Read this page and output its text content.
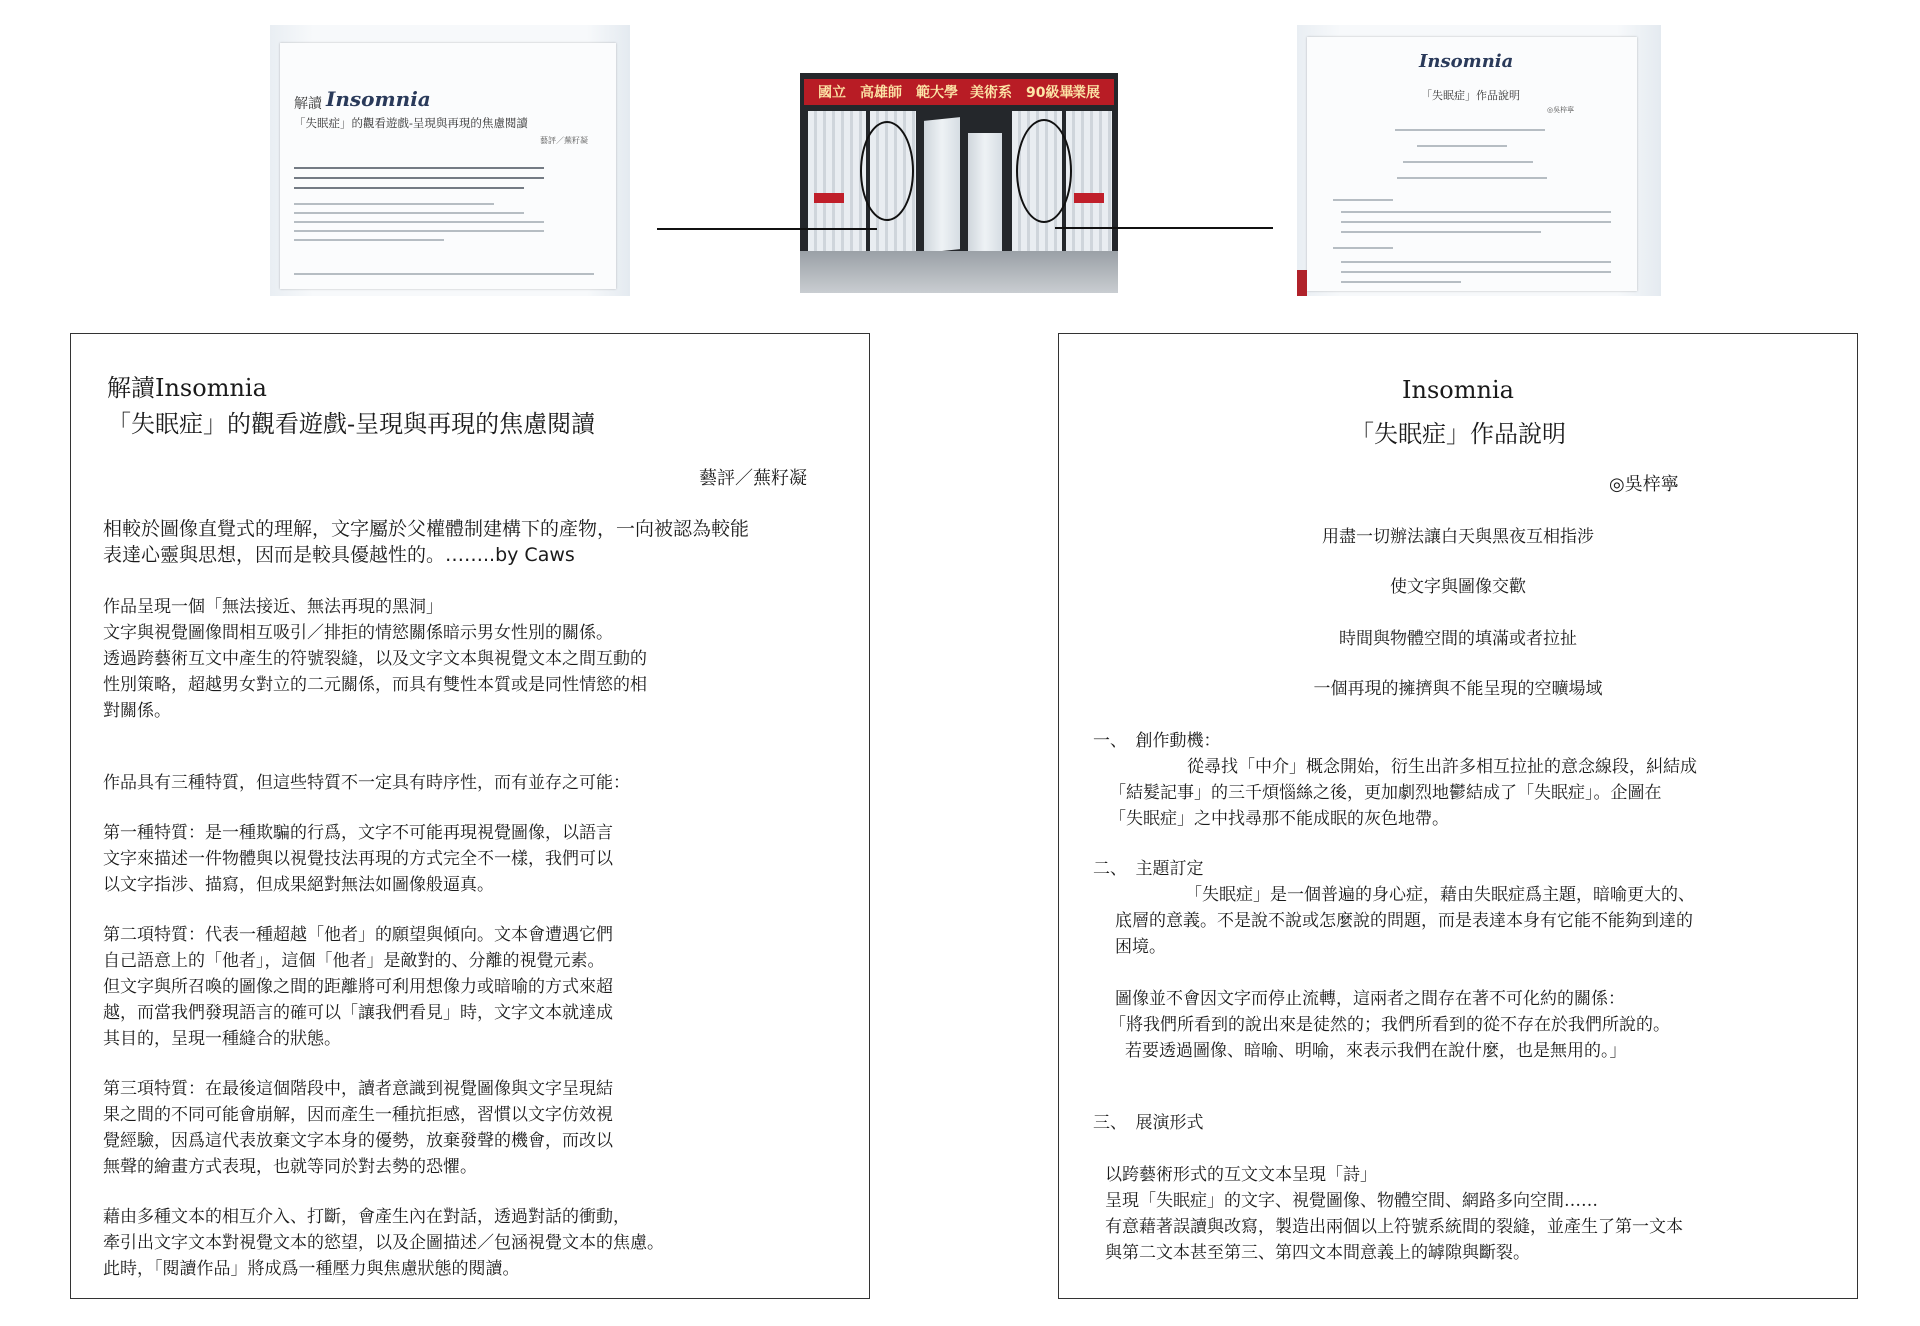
解讀 Insomnia
「失眠症」的觀看遊戲-呈現與再現的焦慮閱讀
藝評／蕪籽凝
國立 高雄師 範大學 美術系 90級畢
業展
Insomnia
「失眠症」作品說明
◎吳梓寧
解讀Insomnia
「失眠症」的觀看遊戲-呈現與再現的焦慮閱讀
藝評／蕪籽凝
相較於圖像直覺式的理解，文字屬於父權體制建構下的產物，一向被認為較能
表達心靈與思想，因而是較具優越性的。……..by Caws
作品呈現一個「無法接近、無法再現的黑洞」
文字與視覺圖像間相互吸引／排拒的情慾關係暗示男女性別的關係。
透過跨藝術互文中產生的符號裂縫，以及文字文本與視覺文本之間互動的
性別策略，超越男女對立的二元關係，而具有雙性本質或是同性情慾的相
對關係。
作品具有三種特質，但這些特質不一定具有時序性，而有並存之可能：
第一種特質：是一種欺騙的行爲，文字不可能再現視覺圖像，以語言
文字來描述一件物體與以視覺技法再現的方式完全不一樣，我們可以
以文字指涉、描寫，但成果絕對無法如圖像般逼真。
第二項特質：代表一種超越「他者」的願望與傾向。文本會遭遇它們
自己語意上的「他者」，這個「他者」是敵對的、分離的視覺元素。
但文字與所召喚的圖像之間的距離將可利用想像力或暗喻的方式來超
越，而當我們發現語言的確可以「讓我們看見」時，文字文本就達成
其目的，呈現一種縫合的狀態。
第三項特質：在最後這個階段中，讀者意識到視覺圖像與文字呈現結
果之間的不同可能會崩解，因而產生一種抗拒感，習慣以文字仿效視
覺經驗，因爲這代表放棄文字本身的優勢，放棄發聲的機會，而改以
無聲的繪畫方式表現，也就等同於對去勢的恐懼。
藉由多種文本的相互介入、打斷，會產生內在對話，透過對話的衝動，
牽引出文字文本對視覺文本的慾望，以及企圖描述／包涵視覺文本的焦慮。
此時，「閱讀作品」將成爲一種壓力與焦慮狀態的閱讀。
Insomnia
「失眠症」作品說明
◎吳梓寧
用盡一切辦法讓白天與黑夜互相指涉
使文字與圖像交歡
時間與物體空間的填滿或者拉扯
一個再現的擁擠與不能呈現的空曠場域
一、　創作動機：
從尋找「中介」概念開始，衍生出許多相互拉扯的意念線段，糾結成
「結髮記事」的三千煩惱絲之後，更加劇烈地鬱結成了「失眠症」。企圖在
「失眠症」之中找尋那不能成眠的灰色地帶。
二、　主題訂定
「失眠症」是一個普遍的身心症，藉由失眠症爲主題，暗喻更大的、
底層的意義。不是說不說或怎麼說的問題，而是表達本身有它能不能夠到達的
困境。
圖像並不會因文字而停止流轉，這兩者之間存在著不可化約的關係：
「將我們所看到的說出來是徒然的；我們所看到的從不存在於我們所說的。
若要透過圖像、暗喻、明喻，來表示我們在說什麼，也是無用的。」
三、　展演形式
以跨藝術形式的互文文本呈現「詩」
呈現「失眠症」的文字、視覺圖像、物體空間、網路多向空間……
有意藉著誤讀與改寫，製造出兩個以上符號系統間的裂縫，並產生了第一文本
與第二文本甚至第三、第四文本間意義上的罅隙與斷裂。
